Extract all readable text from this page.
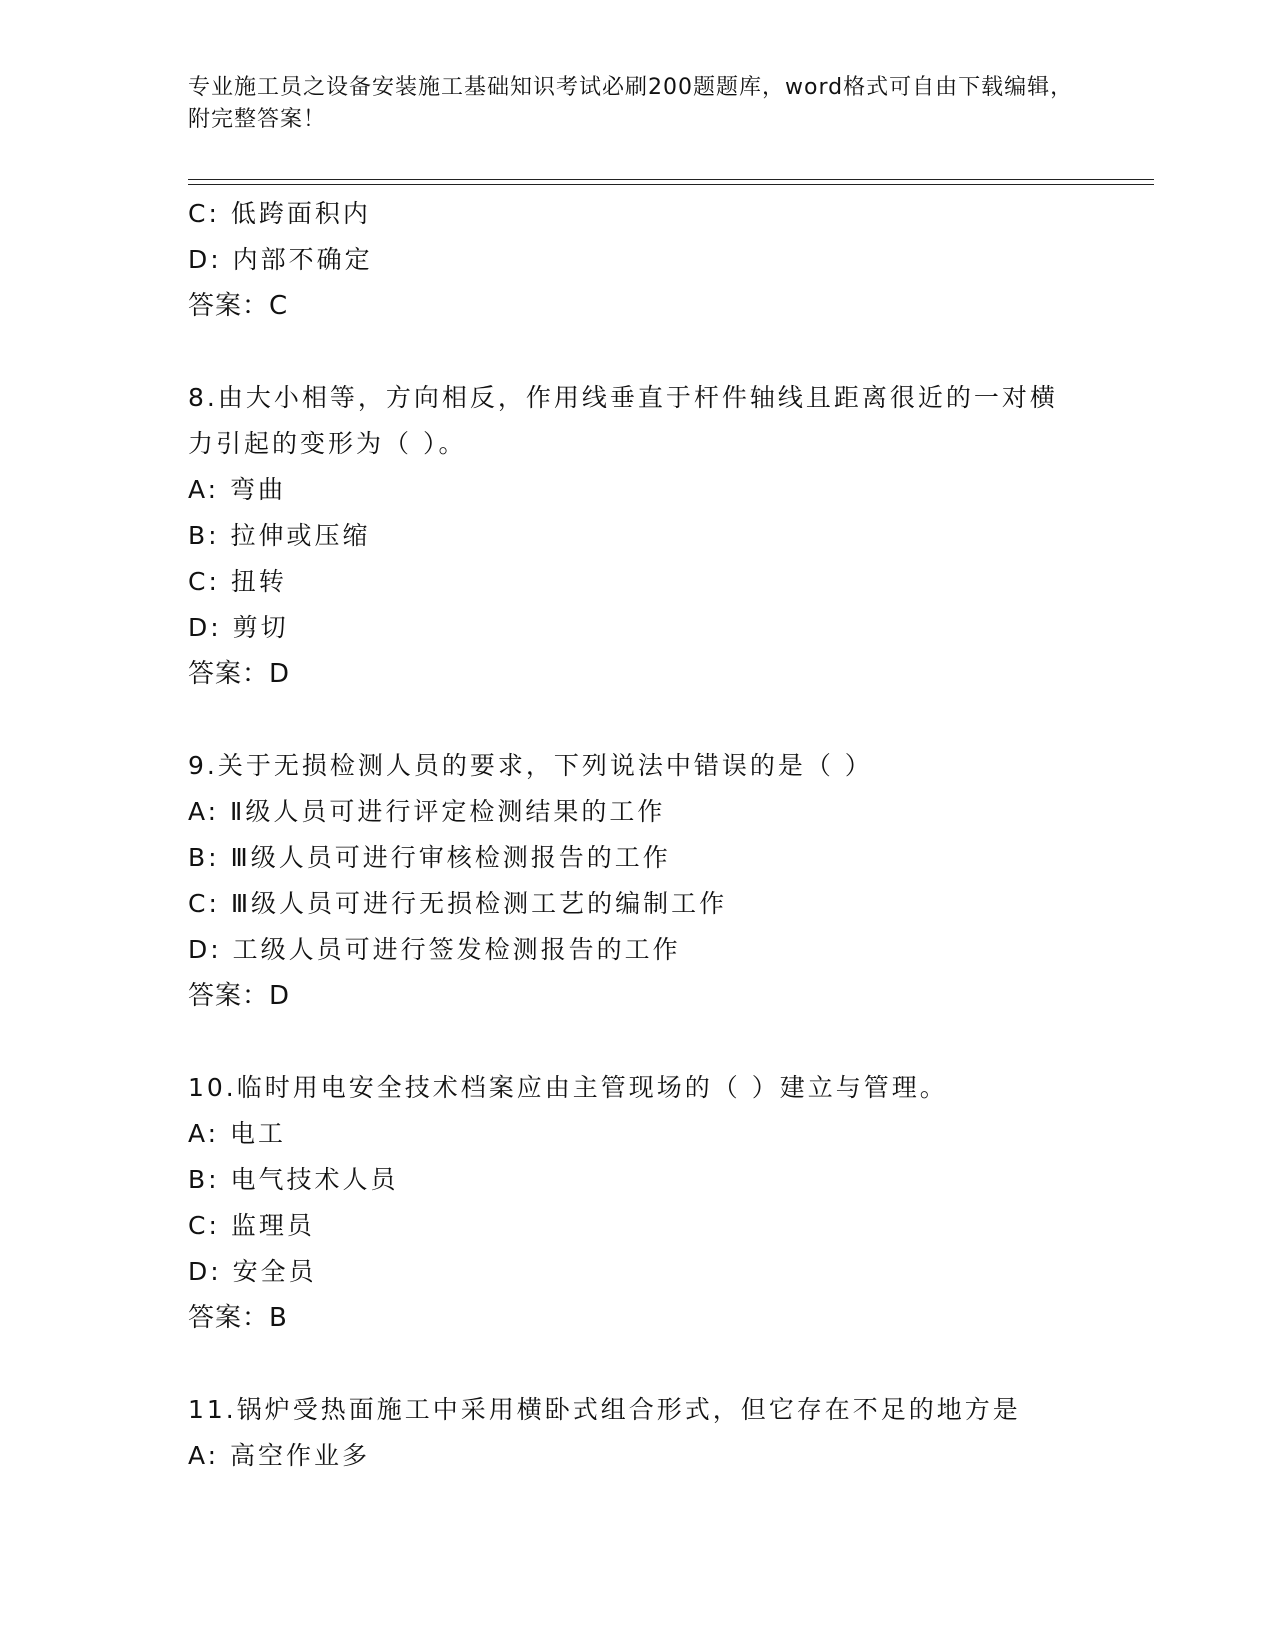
专业施工员之设备安装施工基础知识考试必刷200题题库，word格式可自由下载编辑，附完整答案！
C: 低跨面积内
D: 内部不确定
答案：C
8.由大小相等，方向相反，作用线垂直于杆件轴线且距离很近的一对横力引起的变形为（ ）。
A: 弯曲
B: 拉伸或压缩
C: 扭转
D: 剪切
答案：D
9.关于无损检测人员的要求，下列说法中错误的是（ ）
A: Ⅱ级人员可进行评定检测结果的工作
B: Ⅲ级人员可进行审核检测报告的工作
C: Ⅲ级人员可进行无损检测工艺的编制工作
D: 工级人员可进行签发检测报告的工作
答案：D
10.临时用电安全技术档案应由主管现场的（ ）建立与管理。
A: 电工
B: 电气技术人员
C: 监理员
D: 安全员
答案：B
11.锅炉受热面施工中采用横卧式组合形式，但它存在不足的地方是
A: 高空作业多
